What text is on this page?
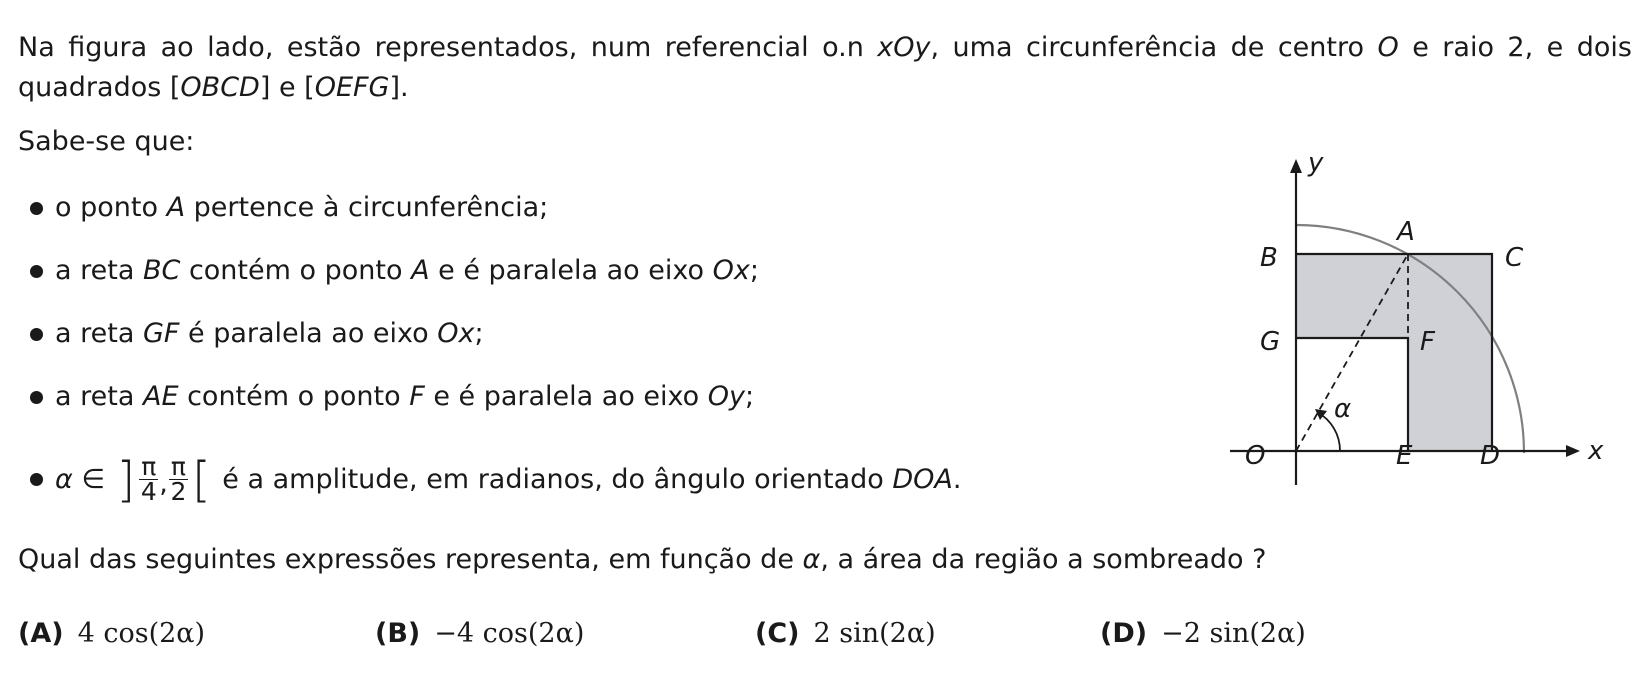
Na figura ao lado, estão representados, num referencial o.n xOy, uma circunferência de centro O e raio 2, e dois quadrados [OBCD] e [OEFG].

Sabe-se que:

o ponto A pertence à circunferência;
a reta BC contém o ponto A e é paralela ao eixo Ox ;
a reta GF é paralela ao eixo Ox ;
a reta AE contém o ponto F e é paralela ao eixo Oy ;
α ∈ ] $\frac{\pi}{4}$ , $\frac{\pi}{2}$ [ é a amplitude, em radianos, do ângulo orientado DOA .

Qual das seguintes expressões representa, em função de α, a área da região a sombreado ?

(A) 4 cos(2α)	(B) −4 cos(2α)	(C) 2 sin(2α)	(D) −2 sin(2α)
O	E	D
B	C
G	F
A
α
x
y
